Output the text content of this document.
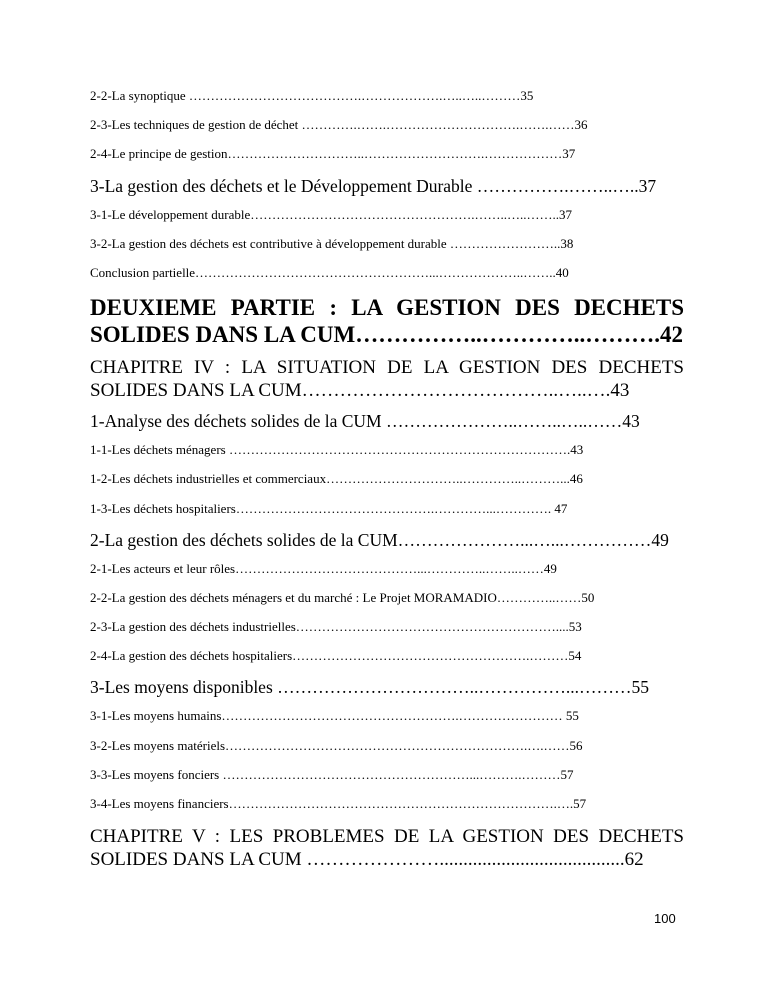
2-2-La synoptique ………………………………….……………….…..…..………35
2-3-Les techniques de gestion de déchet ………….…….………………………….…….……36
2-4-Le principe de gestion…………………………..……………………….………………37
3-La gestion des déchets et le Développement Durable …………….……..…..37
3-1-Le développement durable…………………………………………….……..…..……..37
3-2-La gestion des déchets est contributive à développement durable ……………………..38
Conclusion partielle………………………………………………...………………..……..40
DEUXIEME PARTIE : LA GESTION DES DECHETS SOLIDES DANS LA CUM……………..…………..……….42
CHAPITRE IV : LA SITUATION DE LA GESTION DES DECHETS SOLIDES DANS LA CUM…………………………………..…..….43
1-Analyse des déchets solides de la CUM …………………..……..…..……43
1-1-Les déchets ménagers …………………………………………………………………….43
1-2-Les déchets industrielles et commerciaux…………………………..…………..………...46
1-3-Les déchets hospitaliers……………………………………….…………...…………. 47
2-La gestion des déchets solides de la CUM…………………...…...……………49
2-1-Les acteurs et leur rôles……………………………………...…………..……..……49
2-2-La gestion des déchets ménagers et du marché : Le Projet MORAMADIO…………..……50
2-3-La gestion des déchets industrielles……………………………………………………....53
2-4-La gestion des déchets hospitaliers……………………………………………….………54
3-Les moyens disponibles ……………………………..……………...………55
3-1-Les moyens humains……………………………………………….…………………… 55
3-2-Les moyens matériels…………………………………………………………….….……56
3-3-Les moyens fonciers …………………………………………………...……….………57
3-4-Les moyens financiers………………………………………………………………….….57
CHAPITRE V : LES PROBLEMES DE LA GESTION DES DECHETS SOLIDES DANS LA CUM ………………….......................................62
100
